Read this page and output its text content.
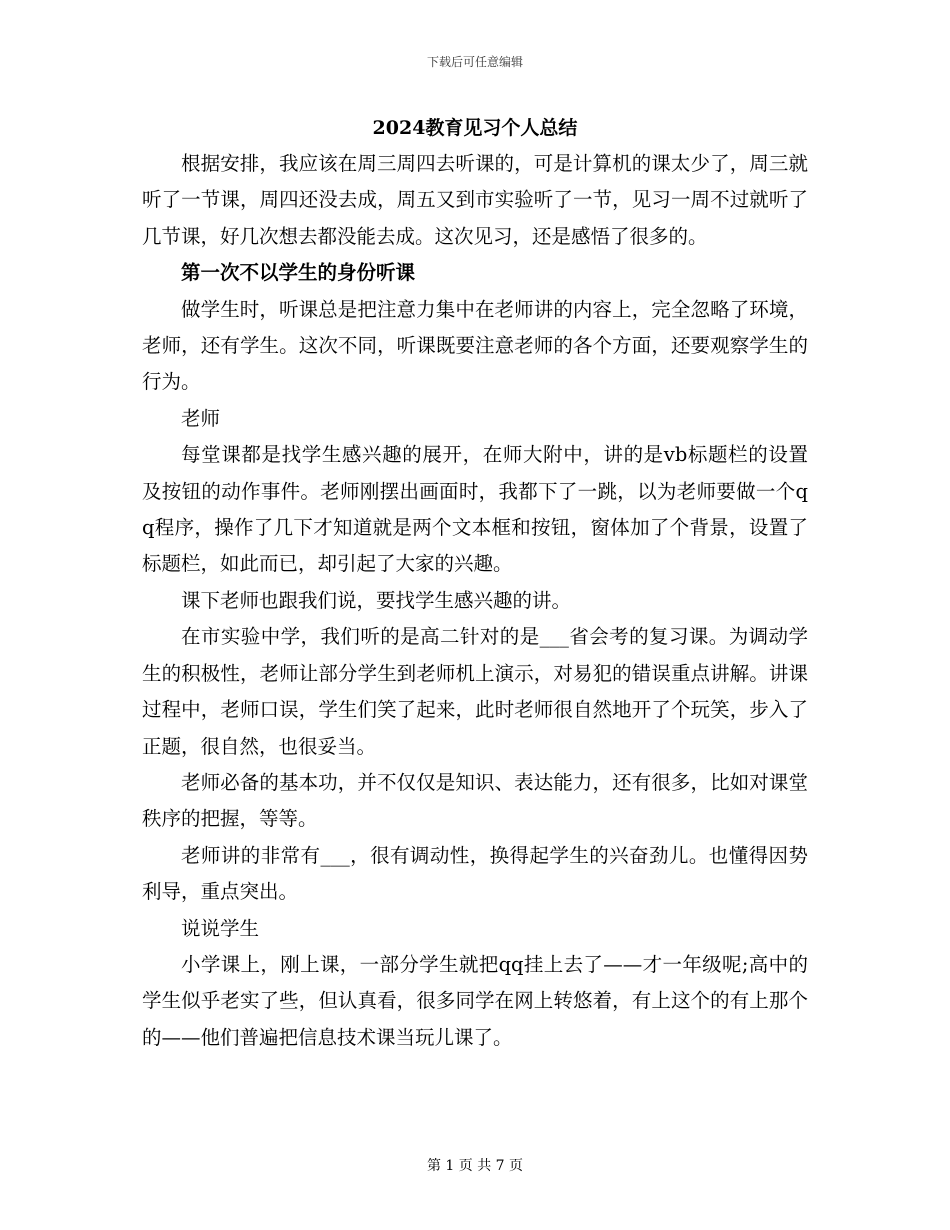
下载后可任意编辑
2024教育见习个人总结

根据安排，我应该在周三周四去听课的，可是计算机的课太少了，周三就听了一节课，周四还没去成，周五又到市实验听了一节，见习一周不过就听了几节课，好几次想去都没能去成。这次见习，还是感悟了很多的。

第一次不以学生的身份听课

做学生时，听课总是把注意力集中在老师讲的内容上，完全忽略了环境，老师，还有学生。这次不同，听课既要注意老师的各个方面，还要观察学生的行为。

老师

每堂课都是找学生感兴趣的展开，在师大附中，讲的是vb标题栏的设置及按钮的动作事件。老师刚摆出画面时，我都下了一跳，以为老师要做一个qq程序，操作了几下才知道就是两个文本框和按钮，窗体加了个背景，设置了标题栏，如此而已，却引起了大家的兴趣。

课下老师也跟我们说，要找学生感兴趣的讲。

在市实验中学，我们听的是高二针对的是___省会考的复习课。为调动学生的积极性，老师让部分学生到老师机上演示，对易犯的错误重点讲解。讲课过程中，老师口误，学生们笑了起来，此时老师很自然地开了个玩笑，步入了正题，很自然，也很妥当。

老师必备的基本功，并不仅仅是知识、表达能力，还有很多，比如对课堂秩序的把握，等等。

老师讲的非常有___，很有调动性，换得起学生的兴奋劲儿。也懂得因势利导，重点突出。

说说学生

小学课上，刚上课，一部分学生就把qq挂上去了——才一年级呢;高中的学生似乎老实了些，但认真看，很多同学在网上转悠着，有上这个的有上那个的——他们普遍把信息技术课当玩儿课了。

第 1 页 共 7 页
